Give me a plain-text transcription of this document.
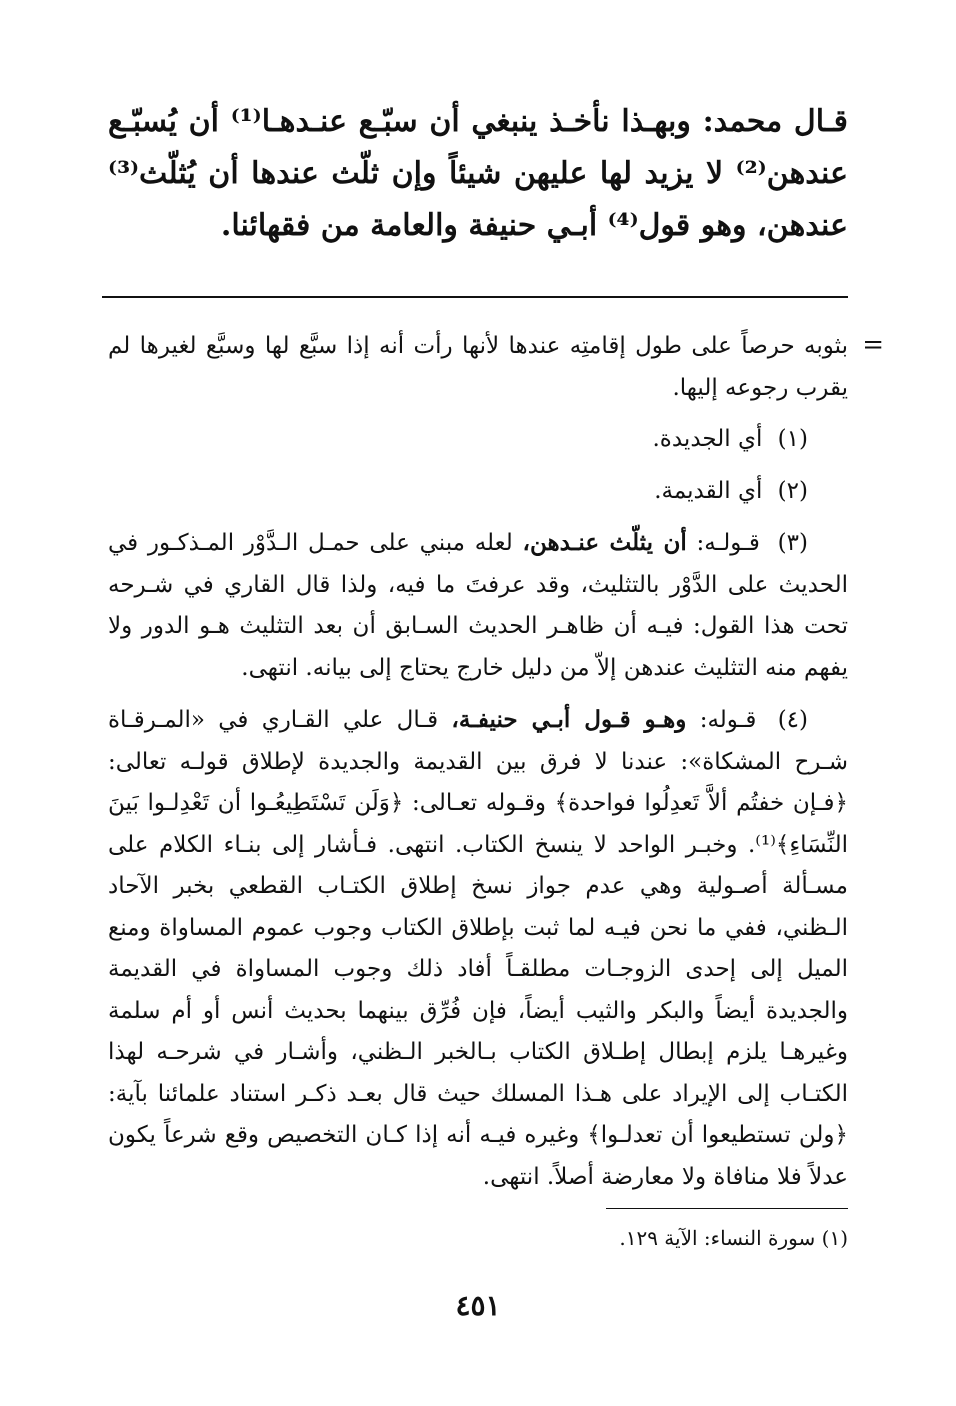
قـال محمد: وبهـذا نأخـذ ينبغي أن سبّـع عنـدهـا⁽¹⁾ أن يُسبّـع عندهن⁽²⁾ لا يزيد لها عليهن شيئاً وإن ثلّث عندها أن يُثلّث⁽³⁾ عندهن، وهو قول⁽⁴⁾ أبـي حنيفة والعامة من فقهائنا.

=
بثوبه حرصاً على طول إقامتِه عندها لأنها رأت أنه إذا سبَّع لها وسبَّع لغيرها لم يقرب رجوعه إليها.

(١) أي الجديدة.

(٢) أي القديمة.

(٣) قـولـه: أن يثلّث عنـدهن، لعله مبني على حمـل الـدَّوْر المـذكـور في الحديث على الدَّوْر بالتثليث، وقد عرفتَ ما فيه، ولذا قال القاري في شـرحه تحت هذا القول: فيـه أن ظاهـر الحديث السـابق أن بعد التثليث هـو الدور ولا يفهم منه التثليث عندهن إلاّ من دليل خارج يحتاج إلى بيانه. انتهى.

(٤) قـوله: وهـو قـول أبـي حنيفـة، قـال علي القـاري في «المـرقـاة شـرح المشكاة»: عندنا لا فرق بين القديمة والجديدة لإطلاق قولـه تعالى: ﴿فـإن خفتُم ألاَّ تَعدِلُوا فواحدة﴾ وقـوله تعـالى: ﴿وَلَن تَسْتَطِيعُـوا أن تَعْدِلـوا بَينَ النِّسَاءِ﴾⁽¹⁾. وخبـر الواحد لا ينسخ الكتاب. انتهى. فـأشار إلى بنـاء الكلام على مسـألة أصـولية وهي عدم جواز نسخ إطلاق الكتـاب القطعي بخبر الآحاد الـظني، ففي ما نحن فيـه لما ثبت بإطلاق الكتاب وجوب عموم المساواة ومنع الميل إلى إحدى الزوجـات مطلقـاً أفاد ذلك وجوب المساواة في القديمة والجديدة أيضاً والبكر والثيب أيضاً، فإن فُرِّق بينهما بحديث أنس أو أم سلمة وغيرهـا يلزم إبطال إطـلاق الكتاب بـالخبر الـظني، وأشـار في شرحـه لهذا الكتـاب إلى الإيراد على هـذا المسلك حيث قال بعـد ذكـر استناد علمائنا بآية: ﴿ولن تستطيعوا أن تعدلـوا﴾ وغيره فيـه أنه إذا كـان التخصيص وقع شرعاً يكون عدلاً فلا منافاة ولا معارضة أصلاً. انتهى.

(١) سورة النساء: الآية ١٢٩.
٤٥١
